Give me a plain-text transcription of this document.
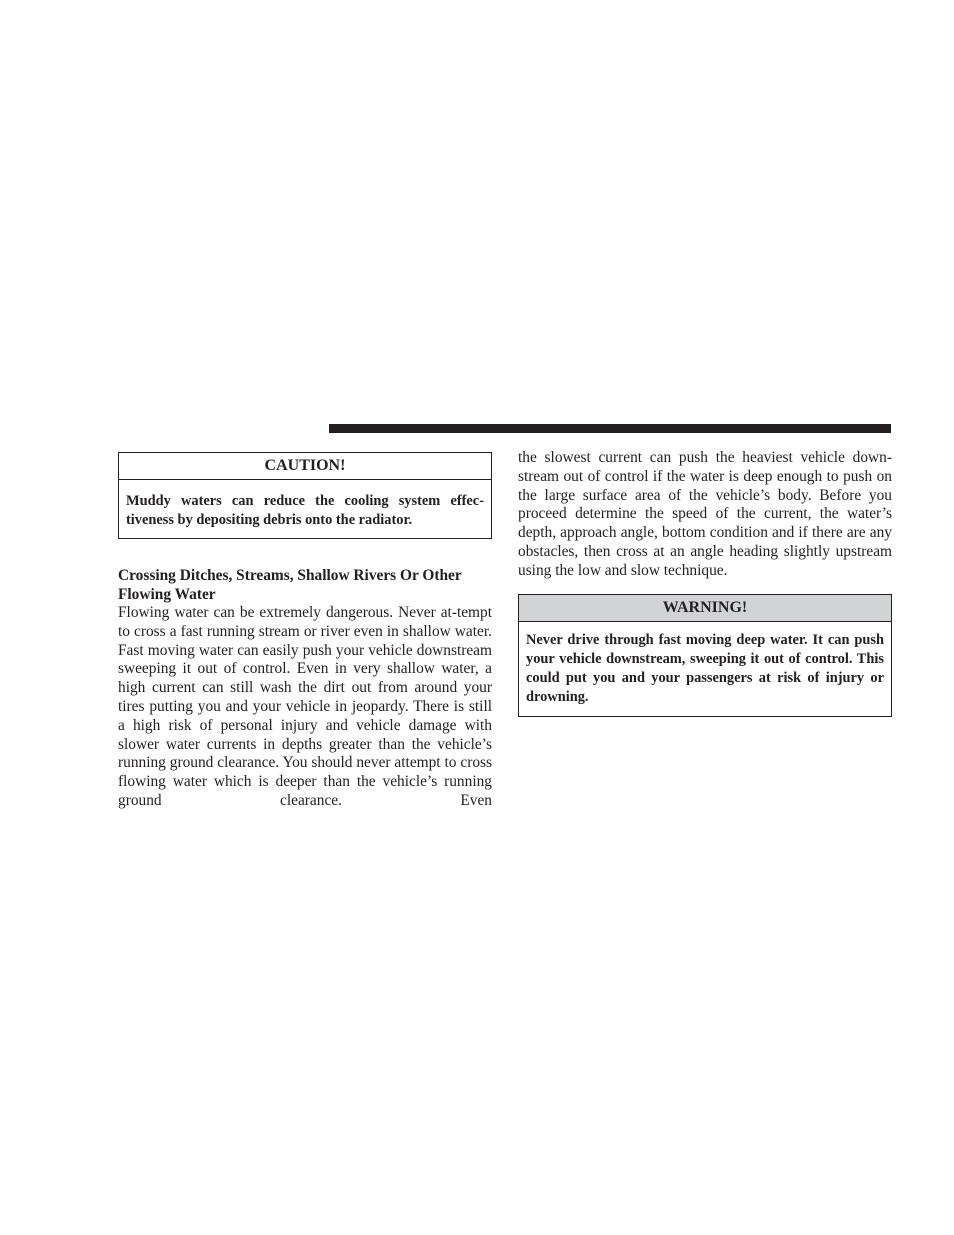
CAUTION!
Muddy waters can reduce the cooling system effec-tiveness by depositing debris onto the radiator.
Crossing Ditches, Streams, Shallow Rivers Or Other Flowing Water

Flowing water can be extremely dangerous. Never at-tempt to cross a fast running stream or river even in shallow water. Fast moving water can easily push your vehicle downstream sweeping it out of control. Even in very shallow water, a high current can still wash the dirt out from around your tires putting you and your vehicle in jeopardy. There is still a high risk of personal injury and vehicle damage with slower water currents in depths greater than the vehicle’s running ground clearance. You should never attempt to cross flowing water which is deeper than the vehicle’s running ground clearance. Even

the slowest current can push the heaviest vehicle down-stream out of control if the water is deep enough to push on the large surface area of the vehicle’s body. Before you proceed determine the speed of the current, the water’s depth, approach angle, bottom condition and if there are any obstacles, then cross at an angle heading slightly upstream using the low and slow technique.

WARNING!
Never drive through fast moving deep water. It can push your vehicle downstream, sweeping it out of control. This could put you and your passengers at risk of injury or drowning.
